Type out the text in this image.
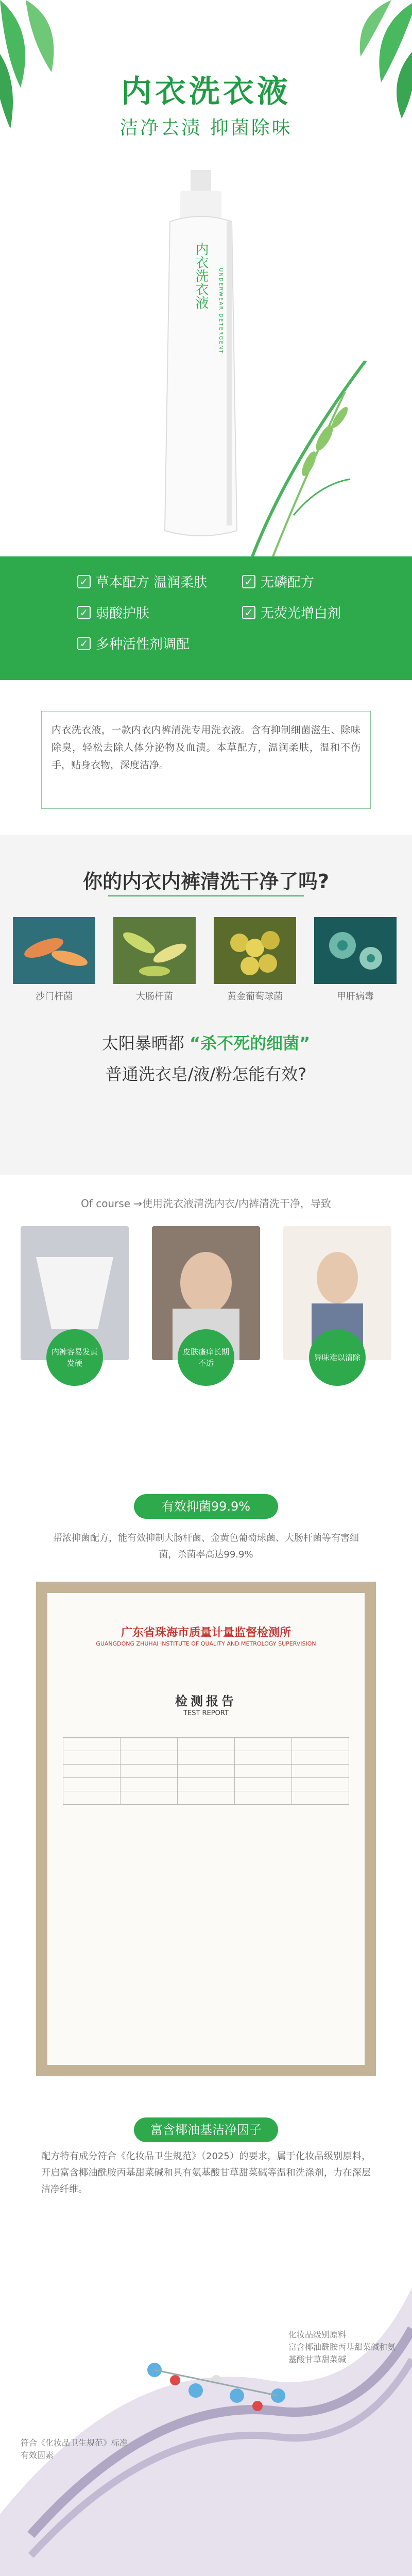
内衣洗衣液
洁净去渍 抑菌除味
内衣洗衣液	UNDERWEAR DETERGENT
✓ 草本配方 温润柔肤	✓ 无磷配方
✓ 弱酸护肤	✓ 无荧光增白剂
✓ 多种活性剂调配

内衣洗衣液，一款内衣内裤清洗专用洗衣液。含有抑制细菌滋生、除味除臭，轻松去除人体分泌物及血渍。本草配方，温润柔肤，温和不伤手，贴身衣物，深度洁净。

你的内衣内裤清洗干净了吗?
沙门杆菌	大肠杆菌	黄金葡萄球菌	甲肝病毒
太阳暴晒都 “杀不死的细菌”
普通洗衣皂/液/粉怎能有效?
Of course →使用洗衣液清洗内衣/内裤清洗干净，导致
内裤容易发黄发硬
皮肤瘙痒长期不适
异味难以清除
有效抑菌99.9%
帮浓抑菌配方，能有效抑制大肠杆菌、金黄色葡萄球菌、大肠杆菌等有害细菌，杀菌率高达99.9%
广东省珠海市质量计量监督检测所
GUANGDONG ZHUHAI INSTITUTE OF QUALITY AND METROLOGY SUPERVISION
检测报告
TEST REPORT

富含椰油基洁净因子
配方特有成分符合《化妆品卫生规范》（2025）的要求，属于化妆品级别原料，开启富含椰油酰胺丙基甜菜碱和具有氨基酸甘草甜菜碱等温和洗涤剂，力在深层洁净纤维。
符合《化妆品卫生规范》标准有效因素
化妆品级别原料
富含椰油酰胺丙基甜菜碱和氨基酸甘草甜菜碱
